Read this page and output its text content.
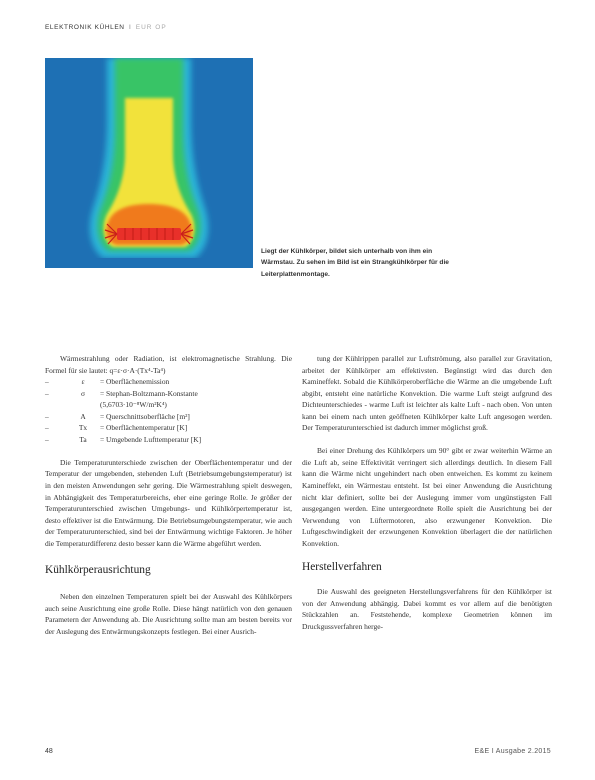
ELEKTRONIK KÜHLEN I EUR OP
Liegt der Kühlkörper, bildet sich unterhalb von ihm ein Wärmstau. Zu sehen im Bild ist ein Strangkühlkörper für die Leiterplattenmontage.

Wärmestrahlung oder Radiation, ist elektromagnetische Strahlung. Die Formel für sie lautet: q=ε·σ·A·(Tx⁴-Ta⁴)

–	ε = Oberflächenemission
–	σ = Stephan-Boltzmann-Konstante
(5,6703·10⁻⁸W/m²K⁴)
–	A = Querschnittsoberfläche [m²]
–	Tx = Oberflächentemperatur [K]
–	Ta = Umgebende Lufttemperatur [K]

Die Temperaturunterschiede zwischen der Oberflächentemperatur und der Temperatur der umgebenden, stehenden Luft (Betriebsumgebungstemperatur) ist in den meisten Anwendungen sehr gering. Die Wärmestrahlung spielt deswegen, in Abhängigkeit des Temperaturbereichs, eher eine geringe Rolle. Je größer der Temperaturunterschied zwischen Umgebungs- und Kühlkörpertemperatur ist, desto effektiver ist die Entwärmung. Die Betriebsumgebungstemperatur, wie auch der Temperaturunterschied, sind bei der Entwärmung wichtige Faktoren. Je höher die Temperaturdifferenz desto besser kann die Wärme abgeführt werden.

Kühlkörperausrichtung

Neben den einzelnen Temperaturen spielt bei der Auswahl des Kühlkörpers auch seine Ausrichtung eine große Rolle. Diese hängt natürlich von den genauen Parametern der Anwendung ab. Die Ausrichtung sollte man am besten bereits vor der Auslegung des Entwärmungskonzepts festlegen. Bei einer Ausrich-

tung der Kühlrippen parallel zur Luftströmung, also parallel zur Gravitation, arbeitet der Kühlkörper am effektivsten. Begünstigt wird das durch den Kamineffekt. Sobald die Kühlkörperoberfläche die Wärme an die umgebende Luft abgibt, entsteht eine natürliche Konvektion. Die warme Luft steigt aufgrund des Dichteunterschiedes - warme Luft ist leichter als kalte Luft - nach oben. Von unten kann bei einem nach unten geöffneten Kühlkörper kalte Luft angesogen werden. Der Temperaturunterschied ist dadurch immer möglichst groß.

Bei einer Drehung des Kühlkörpers um 90° gibt er zwar weiterhin Wärme an die Luft ab, seine Effektivität verringert sich allerdings deutlich. In diesem Fall kann die Wärme nicht ungehindert nach oben entweichen. Es kommt zu keinem Kamineffekt, ein Wärmestau entsteht. Ist bei einer Anwendung die Ausrichtung nicht klar definiert, sollte bei der Auslegung immer vom ungünstigsten Fall ausgegangen werden. Eine untergeordnete Rolle spielt die Ausrichtung bei der Verwendung von Lüftermotoren, also erzwungener Konvektion. Die Luftgeschwindigkeit der erzwungenen Konvektion überlagert die der natürlichen Konvektion.

Herstellverfahren

Die Auswahl des geeigneten Herstellungsverfahrens für den Kühlkörper ist von der Anwendung abhängig. Dabei kommt es vor allem auf die benötigten Stückzahlen an. Feststehende, komplexe Geometrien können im Druckgussverfahren herge-

48	E&E I Ausgabe 2.2015
